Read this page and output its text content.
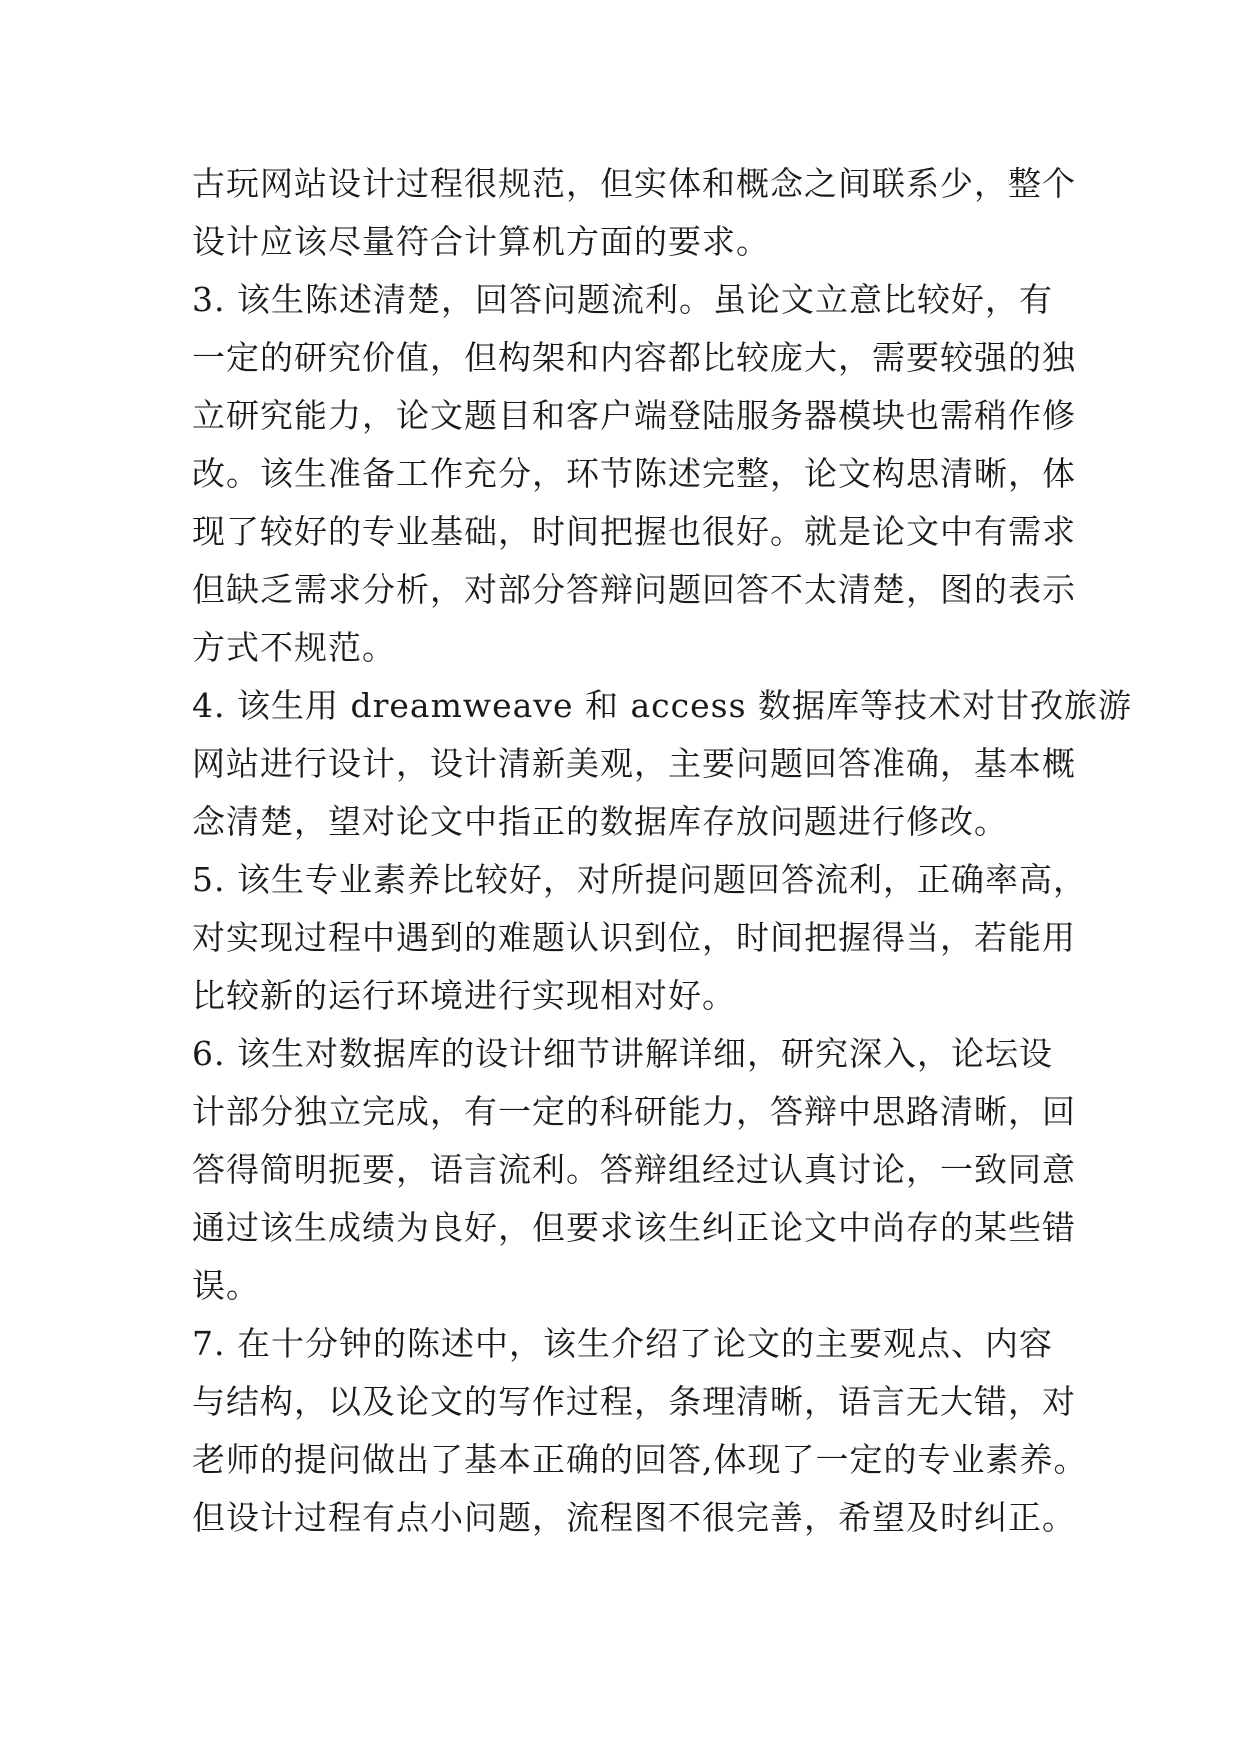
古玩网站设计过程很规范，但实体和概念之间联系少，整个
设计应该尽量符合计算机方面的要求。
3. 该生陈述清楚，回答问题流利。虽论文立意比较好，有
一定的研究价值，但构架和内容都比较庞大，需要较强的独
立研究能力，论文题目和客户端登陆服务器模块也需稍作修
改。该生准备工作充分，环节陈述完整，论文构思清晰，体
现了较好的专业基础，时间把握也很好。就是论文中有需求
但缺乏需求分析，对部分答辩问题回答不太清楚，图的表示
方式不规范。
4. 该生用 dreamweave 和 access 数据库等技术对甘孜旅游
网站进行设计，设计清新美观，主要问题回答准确，基本概
念清楚，望对论文中指正的数据库存放问题进行修改。
5. 该生专业素养比较好，对所提问题回答流利，正确率高，
对实现过程中遇到的难题认识到位，时间把握得当，若能用
比较新的运行环境进行实现相对好。
6. 该生对数据库的设计细节讲解详细，研究深入，论坛设
计部分独立完成，有一定的科研能力，答辩中思路清晰，回
答得简明扼要，语言流利。答辩组经过认真讨论，一致同意
通过该生成绩为良好，但要求该生纠正论文中尚存的某些错
误。
7. 在十分钟的陈述中，该生介绍了论文的主要观点、内容
与结构，以及论文的写作过程，条理清晰，语言无大错，对
老师的提问做出了基本正确的回答,体现了一定的专业素养。
但设计过程有点小问题，流程图不很完善，希望及时纠正。
